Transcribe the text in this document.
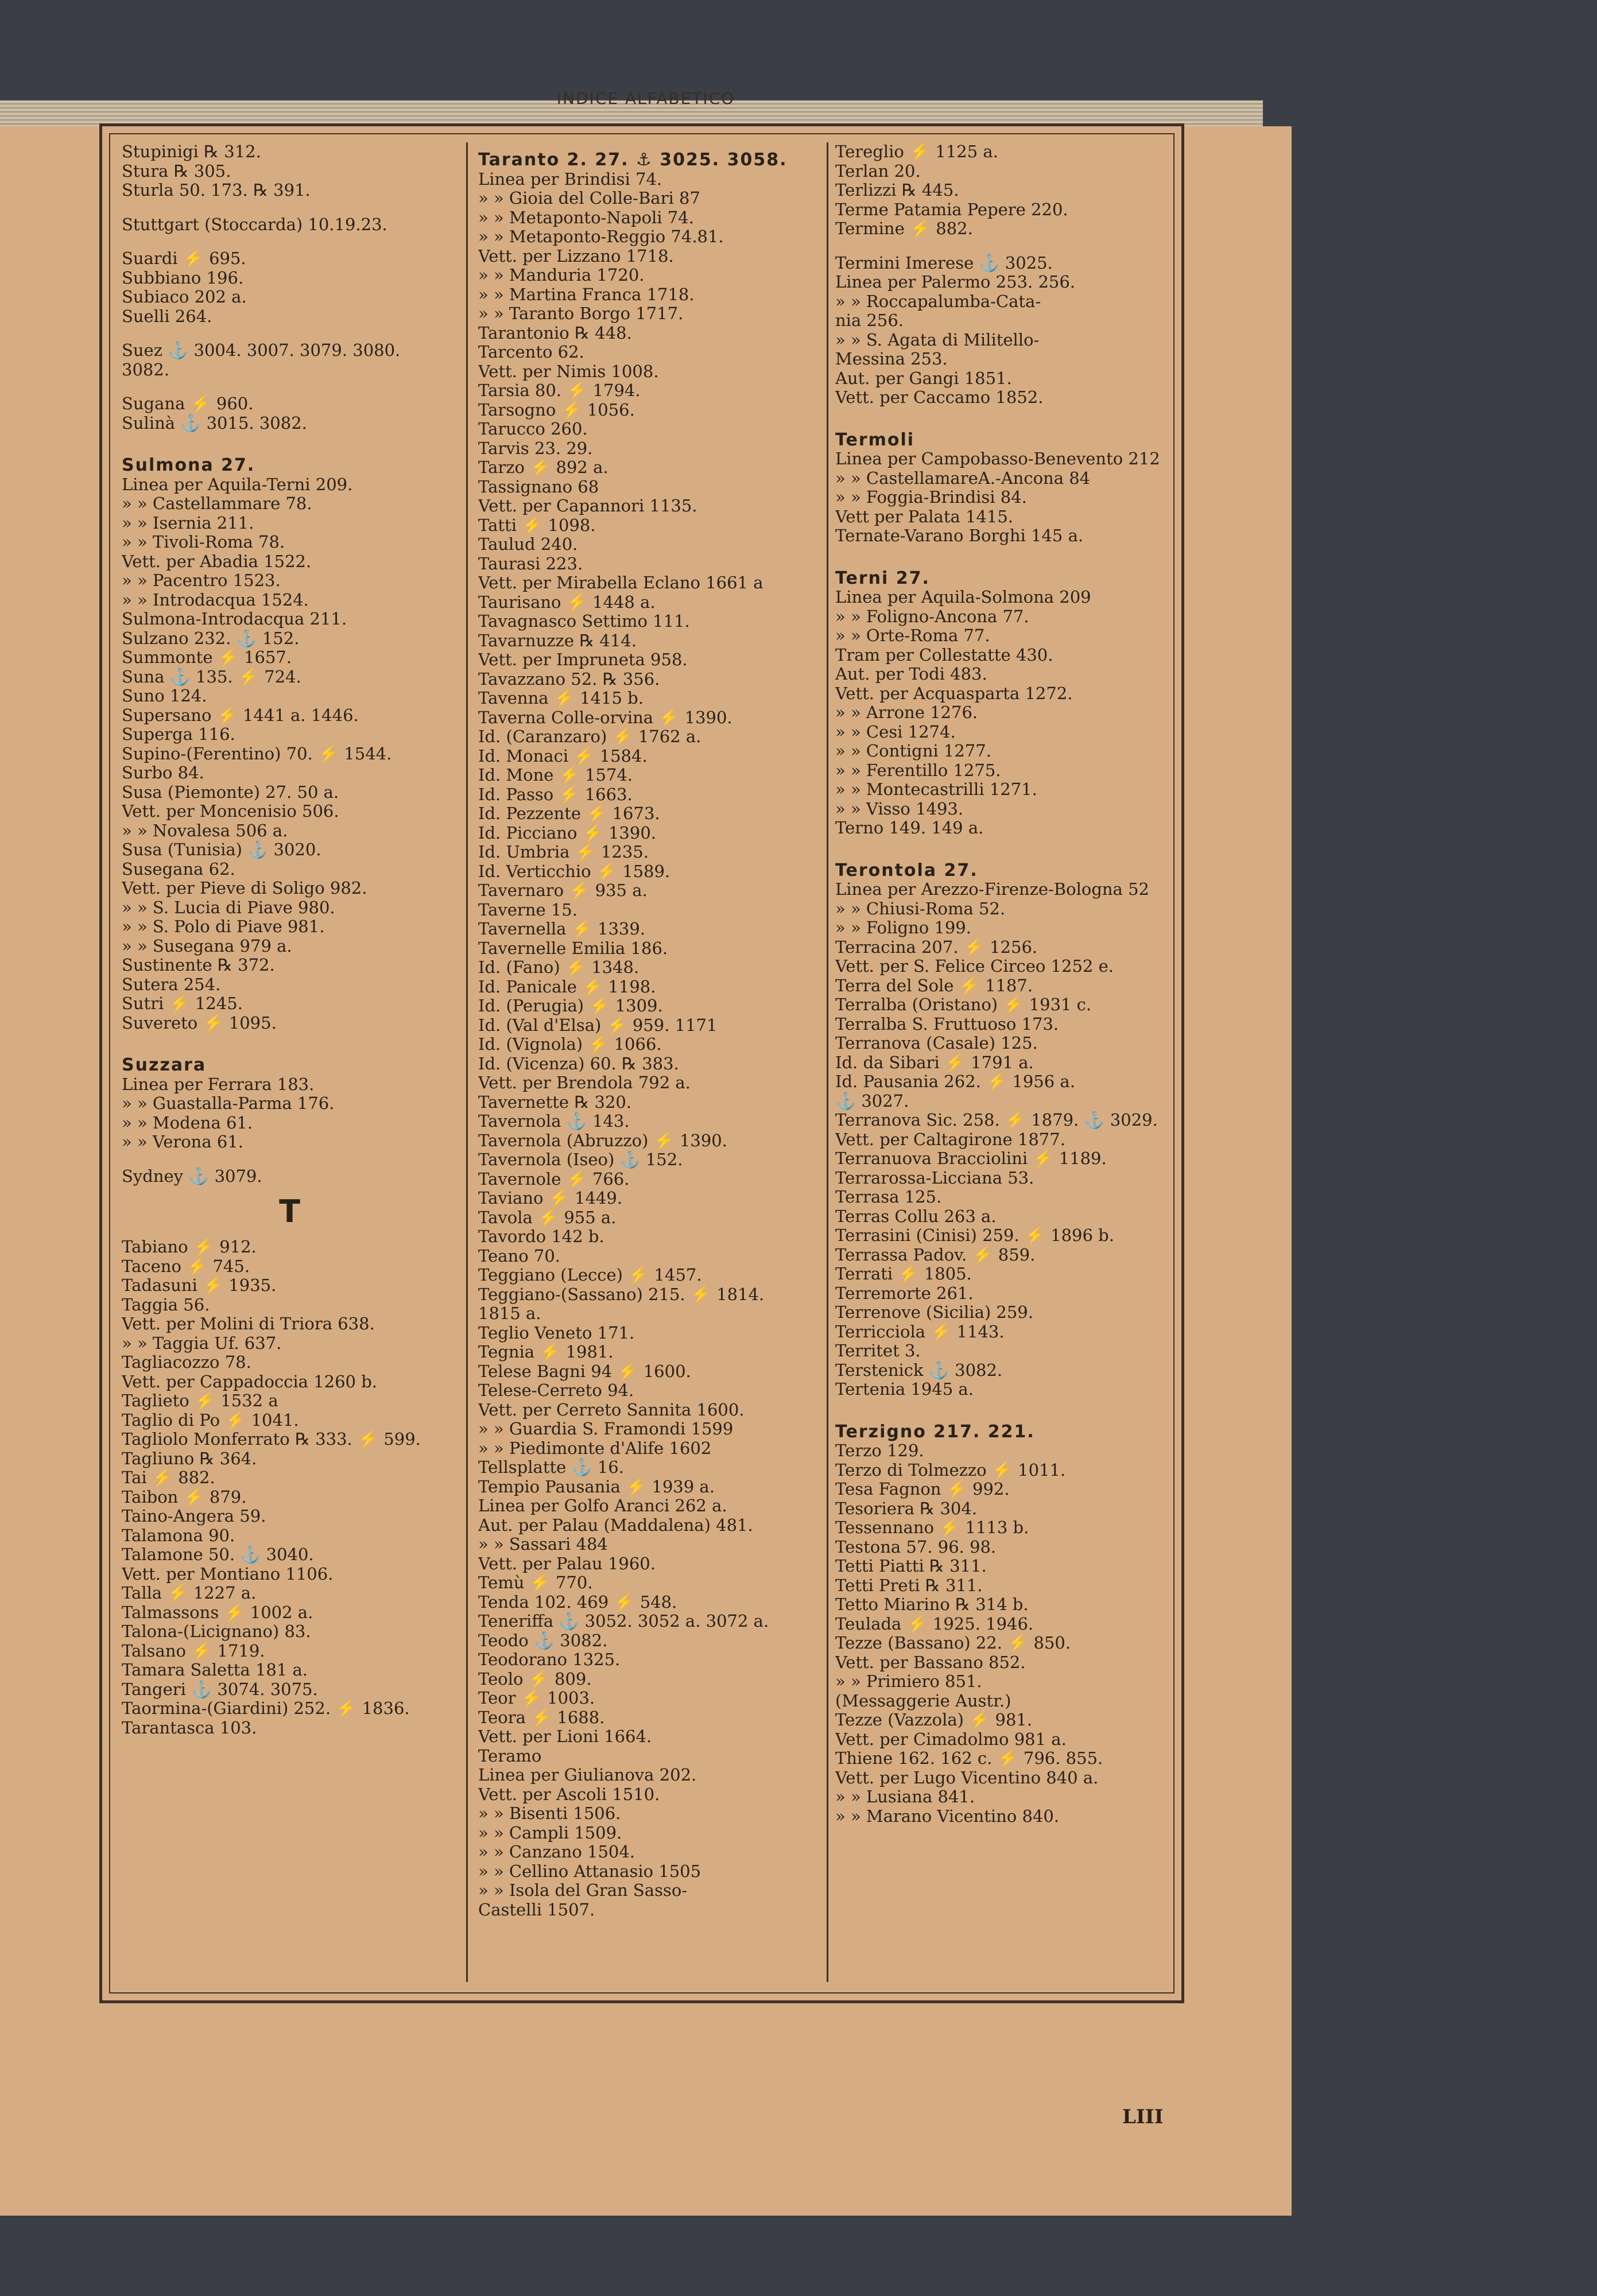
INDICE ALFABETICO
Stupinigi ℞ 312.
Stura ℞ 305.
Sturla 50. 173. ℞ 391.
Stuttgart (Stoccarda) 10.19.23.
Suardi ⚡ 695.
Subbiano 196.
Subiaco 202 a.
Suelli 264.
Suez ⚓ 3004. 3007. 3079. 3080.
3082.
Sugana ⚡ 960.
Sulinà ⚓ 3015. 3082.
Sulmona 27.
Linea per Aquila-Terni 209.
» » Castellammare 78.
» » Isernia 211.
» » Tivoli-Roma 78.
Vett. per Abadia 1522.
» » Pacentro 1523.
» » Introdacqua 1524.
Sulmona-Introdacqua 211.
Sulzano 232. ⚓ 152.
Summonte ⚡ 1657.
Suna ⚓ 135. ⚡ 724.
Suno 124.
Supersano ⚡ 1441 a. 1446.
Superga 116.
Supino-(Ferentino) 70. ⚡ 1544.
Surbo 84.
Susa (Piemonte) 27. 50 a.
Vett. per Moncenisio 506.
» » Novalesa 506 a.
Susa (Tunisia) ⚓ 3020.
Susegana 62.
Vett. per Pieve di Soligo 982.
» » S. Lucia di Piave 980.
» » S. Polo di Piave 981.
» » Susegana 979 a.
Sustinente ℞ 372.
Sutera 254.
Sutri ⚡ 1245.
Suvereto ⚡ 1095.
Suzzara
Linea per Ferrara 183.
» » Guastalla-Parma 176.
» » Modena 61.
» » Verona 61.
Sydney ⚓ 3079.
T
Tabiano ⚡ 912.
Taceno ⚡ 745.
Tadasuni ⚡ 1935.
Taggia 56.
Vett. per Molini di Triora 638.
» » Taggia Uf. 637.
Tagliacozzo 78.
Vett. per Cappadoccia 1260 b.
Taglieto ⚡ 1532 a
Taglio di Po ⚡ 1041.
Tagliolo Monferrato ℞ 333. ⚡ 599.
Tagliuno ℞ 364.
Tai ⚡ 882.
Taibon ⚡ 879.
Taino-Angera 59.
Talamona 90.
Talamone 50. ⚓ 3040.
Vett. per Montiano 1106.
Talla ⚡ 1227 a.
Talmassons ⚡ 1002 a.
Talona-(Licignano) 83.
Talsano ⚡ 1719.
Tamara Saletta 181 a.
Tangeri ⚓ 3074. 3075.
Taormina-(Giardini) 252. ⚡ 1836.
Tarantasca 103.
Taranto 2. 27. ⚓ 3025. 3058.
Linea per Brindisi 74.
» » Gioia del Colle-Bari 87
» » Metaponto-Napoli 74.
» » Metaponto-Reggio 74.81.
Vett. per Lizzano 1718.
» » Manduria 1720.
» » Martina Franca 1718.
» » Taranto Borgo 1717.
Tarantonio ℞ 448.
Tarcento 62.
Vett. per Nimis 1008.
Tarsia 80. ⚡ 1794.
Tarsogno ⚡ 1056.
Tarucco 260.
Tarvis 23. 29.
Tarzo ⚡ 892 a.
Tassignano 68
Vett. per Capannori 1135.
Tatti ⚡ 1098.
Taulud 240.
Taurasi 223.
Vett. per Mirabella Eclano 1661 a
Taurisano ⚡ 1448 a.
Tavagnasco Settimo 111.
Tavarnuzze ℞ 414.
Vett. per Impruneta 958.
Tavazzano 52. ℞ 356.
Tavenna ⚡ 1415 b.
Taverna Colle-orvina ⚡ 1390.
Id. (Caranzaro) ⚡ 1762 a.
Id. Monaci ⚡ 1584.
Id. Mone ⚡ 1574.
Id. Passo ⚡ 1663.
Id. Pezzente ⚡ 1673.
Id. Picciano ⚡ 1390.
Id. Umbria ⚡ 1235.
Id. Verticchio ⚡ 1589.
Tavernaro ⚡ 935 a.
Taverne 15.
Tavernella ⚡ 1339.
Tavernelle Emilia 186.
Id. (Fano) ⚡ 1348.
Id. Panicale ⚡ 1198.
Id. (Perugia) ⚡ 1309.
Id. (Val d'Elsa) ⚡ 959. 1171
Id. (Vignola) ⚡ 1066.
Id. (Vicenza) 60. ℞ 383.
Vett. per Brendola 792 a.
Tavernette ℞ 320.
Tavernola ⚓ 143.
Tavernola (Abruzzo) ⚡ 1390.
Tavernola (Iseo) ⚓ 152.
Tavernole ⚡ 766.
Taviano ⚡ 1449.
Tavola ⚡ 955 a.
Tavordo 142 b.
Teano 70.
Teggiano (Lecce) ⚡ 1457.
Teggiano-(Sassano) 215. ⚡ 1814.
1815 a.
Teglio Veneto 171.
Tegnia ⚡ 1981.
Telese Bagni 94 ⚡ 1600.
Telese-Cerreto 94.
Vett. per Cerreto Sannita 1600.
» » Guardia S. Framondi 1599
» » Piedimonte d'Alife 1602
Tellsplatte ⚓ 16.
Tempio Pausania ⚡ 1939 a.
Linea per Golfo Aranci 262 a.
Aut. per Palau (Maddalena) 481.
» » Sassari 484
Vett. per Palau 1960.
Temù ⚡ 770.
Tenda 102. 469 ⚡ 548.
Teneriffa ⚓ 3052. 3052 a. 3072 a.
Teodo ⚓ 3082.
Teodorano 1325.
Teolo ⚡ 809.
Teor ⚡ 1003.
Teora ⚡ 1688.
Vett. per Lioni 1664.
Teramo
Linea per Giulianova 202.
Vett. per Ascoli 1510.
» » Bisenti 1506.
» » Campli 1509.
» » Canzano 1504.
» » Cellino Attanasio 1505
» » Isola del Gran Sasso-
Castelli 1507.
Tereglio ⚡ 1125 a.
Terlan 20.
Terlizzi ℞ 445.
Terme Patamia Pepere 220.
Termine ⚡ 882.
Termini Imerese ⚓ 3025.
Linea per Palermo 253. 256.
» » Roccapalumba-Cata-
nia 256.
» » S. Agata di Militello-
Messina 253.
Aut. per Gangi 1851.
Vett. per Caccamo 1852.
Termoli
Linea per Campobasso-Benevento 212
» » CastellamareA.-Ancona 84
» » Foggia-Brindisi 84.
Vett per Palata 1415.
Ternate-Varano Borghi 145 a.
Terni 27.
Linea per Aquila-Solmona 209
» » Foligno-Ancona 77.
» » Orte-Roma 77.
Tram per Collestatte 430.
Aut. per Todi 483.
Vett. per Acquasparta 1272.
» » Arrone 1276.
» » Cesi 1274.
» » Contigni 1277.
» » Ferentillo 1275.
» » Montecastrilli 1271.
» » Visso 1493.
Terno 149. 149 a.
Terontola 27.
Linea per Arezzo-Firenze-Bologna 52
» » Chiusi-Roma 52.
» » Foligno 199.
Terracina 207. ⚡ 1256.
Vett. per S. Felice Circeo 1252 e.
Terra del Sole ⚡ 1187.
Terralba (Oristano) ⚡ 1931 c.
Terralba S. Fruttuoso 173.
Terranova (Casale) 125.
Id. da Sibari ⚡ 1791 a.
Id. Pausania 262. ⚡ 1956 a.
⚓ 3027.
Terranova Sic. 258. ⚡ 1879. ⚓ 3029.
Vett. per Caltagirone 1877.
Terranuova Bracciolini ⚡ 1189.
Terrarossa-Licciana 53.
Terrasa 125.
Terras Collu 263 a.
Terrasini (Cinisi) 259. ⚡ 1896 b.
Terrassa Padov. ⚡ 859.
Terrati ⚡ 1805.
Terremorte 261.
Terrenove (Sicilia) 259.
Terricciola ⚡ 1143.
Territet 3.
Terstenick ⚓ 3082.
Tertenia 1945 a.
Terzigno 217. 221.
Terzo 129.
Terzo di Tolmezzo ⚡ 1011.
Tesa Fagnon ⚡ 992.
Tesoriera ℞ 304.
Tessennano ⚡ 1113 b.
Testona 57. 96. 98.
Tetti Piatti ℞ 311.
Tetti Preti ℞ 311.
Tetto Miarino ℞ 314 b.
Teulada ⚡ 1925. 1946.
Tezze (Bassano) 22. ⚡ 850.
Vett. per Bassano 852.
» » Primiero 851.
(Messaggerie Austr.)
Tezze (Vazzola) ⚡ 981.
Vett. per Cimadolmo 981 a.
Thiene 162. 162 c. ⚡ 796. 855.
Vett. per Lugo Vicentino 840 a.
» » Lusiana 841.
» » Marano Vicentino 840.
LIII
